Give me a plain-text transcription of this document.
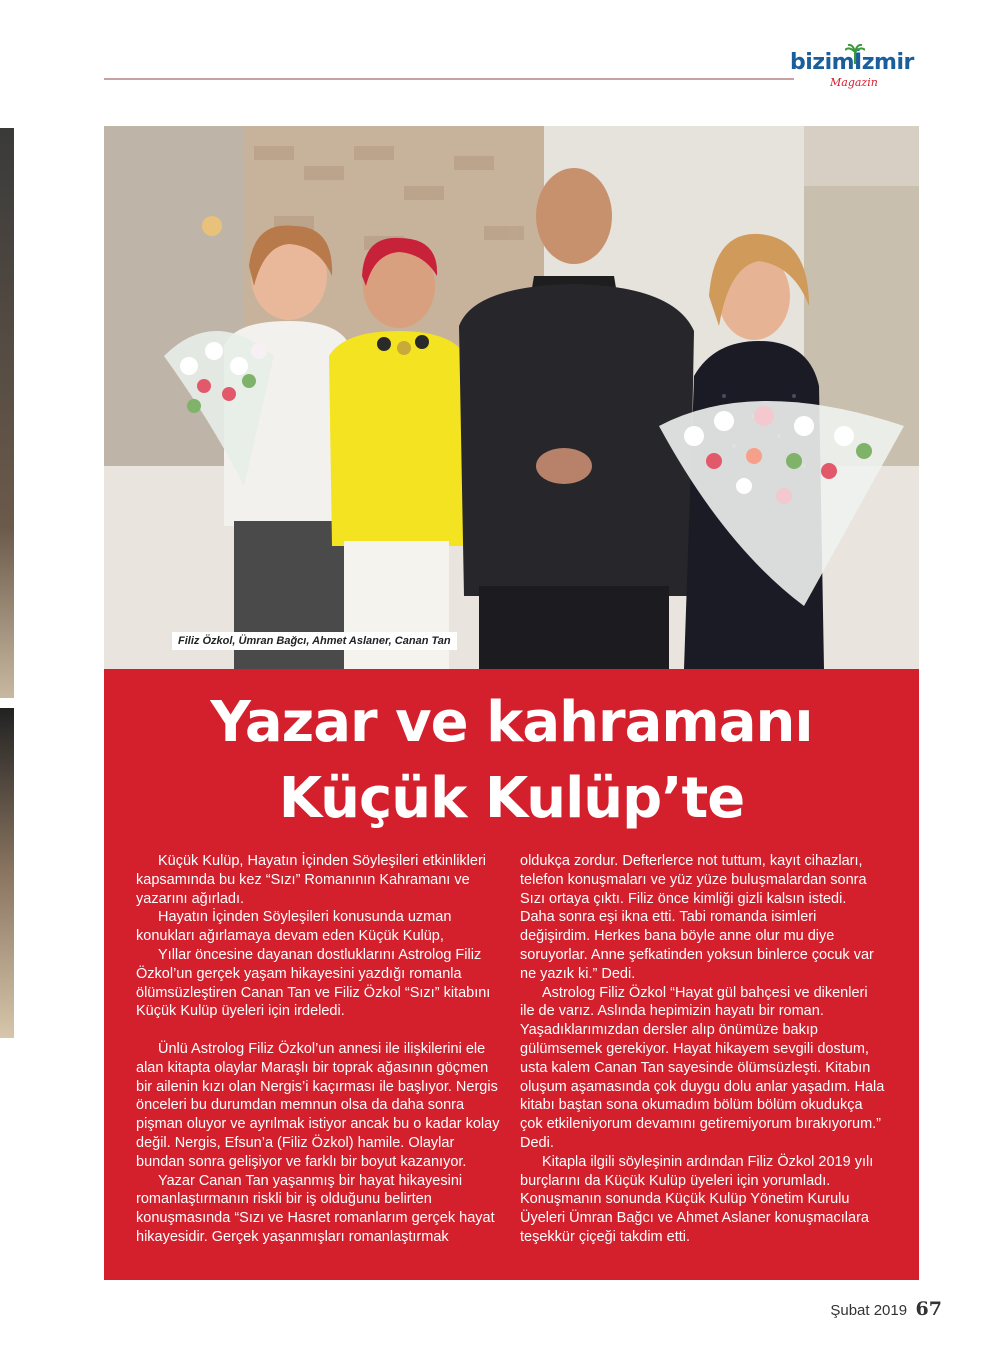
bizimİzmir
Magazin
Filiz Özkol, Ümran Bağcı, Ahmet Aslaner, Canan Tan
Yazar ve kahramanı
Küçük Kulüp’te

Küçük Kulüp, Hayatın İçinden Söyleşileri etkinlikleri kapsamında bu kez “Sızı” Romanının Kahramanı ve yazarını ağırladı.

Hayatın İçinden Söyleşileri konusunda uzman konukları ağırlamaya devam eden Küçük Kulüp,

Yıllar öncesine dayanan dostluklarını Astrolog Filiz Özkol’un gerçek yaşam hikayesini yazdığı romanla ölümsüzleştiren Canan Tan ve Filiz Özkol “Sızı” kitabını Küçük Kulüp üyeleri için irdeledi.

Ünlü Astrolog Filiz Özkol’un annesi ile ilişkilerini ele alan kitapta olaylar Maraşlı bir toprak ağasının göçmen bir ailenin kızı olan Nergis’i kaçırması ile başlıyor. Nergis önceleri bu durumdan memnun olsa da daha sonra pişman oluyor ve ayrılmak istiyor ancak bu o kadar kolay değil. Nergis, Efsun’a (Filiz Özkol) hamile. Olaylar bundan sonra gelişiyor ve farklı bir boyut kazanıyor.

Yazar Canan Tan yaşanmış bir hayat hikayesini romanlaştırmanın riskli bir iş olduğunu belirten konuşmasında “Sızı ve Hasret romanlarım gerçek hayat hikayesidir. Gerçek yaşanmışları romanlaştırmak

oldukça zordur. Defterlerce not tuttum, kayıt cihazları, telefon konuşmaları ve yüz yüze buluşmalardan sonra Sızı ortaya çıktı. Filiz önce kimliği gizli kalsın istedi. Daha sonra eşi ikna etti. Tabi romanda isimleri değişirdim. Herkes bana böyle anne olur mu diye soruyorlar. Anne şefkatinden yoksun binlerce çocuk var ne yazık ki.” Dedi.

Astrolog Filiz Özkol “Hayat gül bahçesi ve dikenleri ile de varız. Aslında hepimizin hayatı bir roman. Yaşadıklarımızdan dersler alıp önümüze bakıp gülümsemek gerekiyor. Hayat hikayem sevgili dostum, usta kalem Canan Tan sayesinde ölümsüzleşti. Kitabın oluşum aşamasında çok duygu dolu anlar yaşadım. Hala kitabı baştan sona okumadım bölüm bölüm okudukça çok etkileniyorum devamını getiremiyorum bırakıyorum.” Dedi.

Kitapla ilgili söyleşinin ardından Filiz Özkol 2019 yılı burçlarını da Küçük Kulüp üyeleri için yorumladı. Konuşmanın sonunda Küçük Kulüp Yönetim Kurulu Üyeleri Ümran Bağcı ve Ahmet Aslaner konuşmacılara teşekkür çiçeği takdim etti.

Şubat 2019 67
